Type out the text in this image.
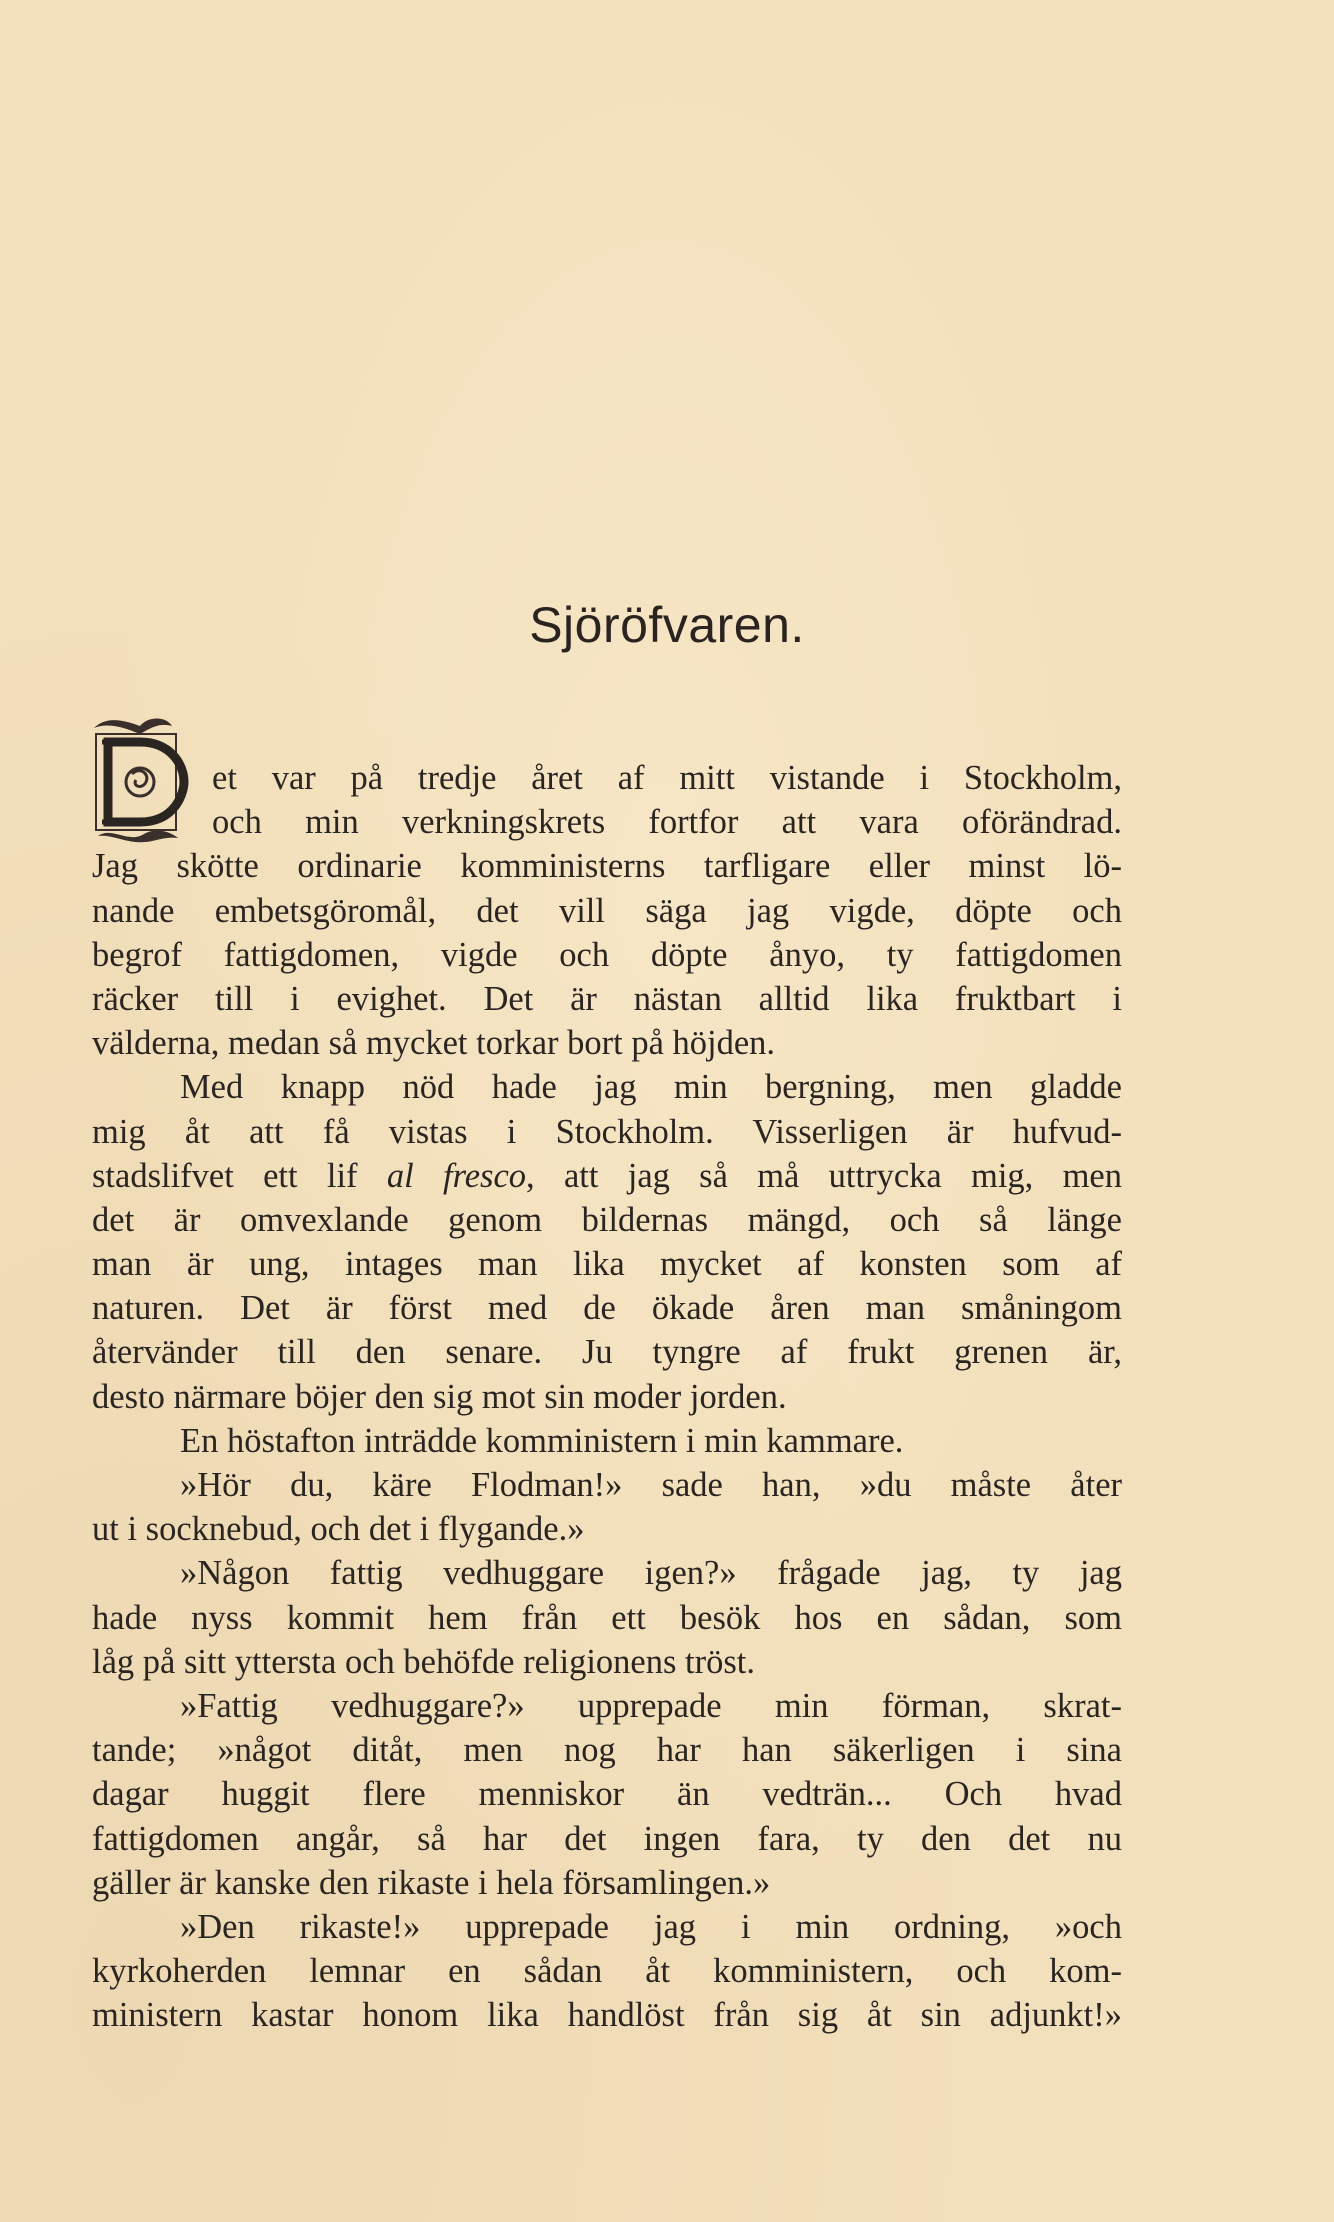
Sjöröfvaren.
et var på tredje året af mitt vistande i Stockholm,
och min verkningskrets fortfor att vara oförändrad.
Jag skötte ordinarie komministerns tarfligare eller minst lö-
nande embetsgöromål, det vill säga jag vigde, döpte och
begrof fattigdomen, vigde och döpte ånyo, ty fattigdomen
räcker till i evighet. Det är nästan alltid lika fruktbart i
välderna, medan så mycket torkar bort på höjden.
Med knapp nöd hade jag min bergning, men gladde
mig åt att få vistas i Stockholm. Visserligen är hufvud-
stadslifvet ett lif al fresco, att jag så må uttrycka mig, men
det är omvexlande genom bildernas mängd, och så länge
man är ung, intages man lika mycket af konsten som af
naturen. Det är först med de ökade åren man småningom
återvänder till den senare. Ju tyngre af frukt grenen är,
desto närmare böjer den sig mot sin moder jorden.
En höstafton inträdde komministern i min kammare.
»Hör du, käre Flodman!» sade han, »du måste åter
ut i socknebud, och det i flygande.»
»Någon fattig vedhuggare igen?» frågade jag, ty jag
hade nyss kommit hem från ett besök hos en sådan, som
låg på sitt yttersta och behöfde religionens tröst.
»Fattig vedhuggare?» upprepade min förman, skrat-
tande; »något ditåt, men nog har han säkerligen i sina
dagar huggit flere menniskor än vedträn... Och hvad
fattigdomen angår, så har det ingen fara, ty den det nu
gäller är kanske den rikaste i hela församlingen.»
»Den rikaste!» upprepade jag i min ordning, »och
kyrkoherden lemnar en sådan åt komministern, och kom-
ministern kastar honom lika handlöst från sig åt sin adjunkt!»
